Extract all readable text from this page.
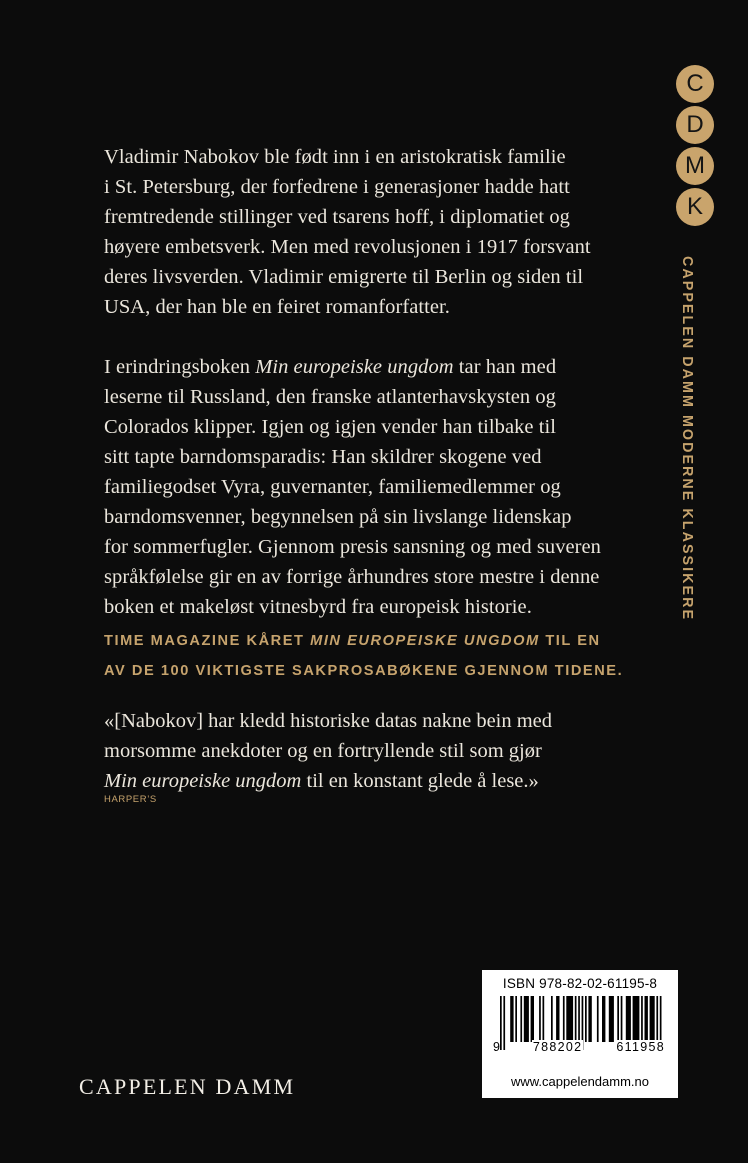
Vladimir Nabokov ble født inn i en aristokratisk familie
i St. Petersburg, der forfedrene i generasjoner hadde hatt
fremtredende stillinger ved tsarens hoff, i diplomatiet og
høyere embetsverk. Men med revolusjonen i 1917 forsvant
deres livsverden. Vladimir emigrerte til Berlin og siden til
USA, der han ble en feiret romanforfatter.

I erindringsboken Min europeiske ungdom tar han med
leserne til Russland, den franske atlanterhavskysten og
Colorados klipper. Igjen og igjen vender han tilbake til
sitt tapte barndomsparadis: Han skildrer skogene ved
familiegodset Vyra, guvernanter, familiemedlemmer og
barndomsvenner, begynnelsen på sin livslange lidenskap
for sommerfugler. Gjennom presis sansning og med suveren
språkfølelse gir en av forrige århundres store mestre i denne
boken et makeløst vitnesbyrd fra europeisk historie.

TIME MAGAZINE KÅRET MIN EUROPEISKE UNGDOM TIL EN
AV DE 100 VIKTIGSTE SAKPROSABØKENE GJENNOM TIDENE.
«[Nabokov] har kledd historiske datas nakne bein med
morsomme anekdoter og en fortryllende stil som gjør
Min europeiske ungdom til en konstant glede å lese.»
HARPER’S
C
D
M
K
CAPPELEN DAMM MODERNE KLASSIKERE
CAPPELEN DAMM
ISBN 978-82-02-61195-8
9	788202	611958
www.cappelendamm.no
